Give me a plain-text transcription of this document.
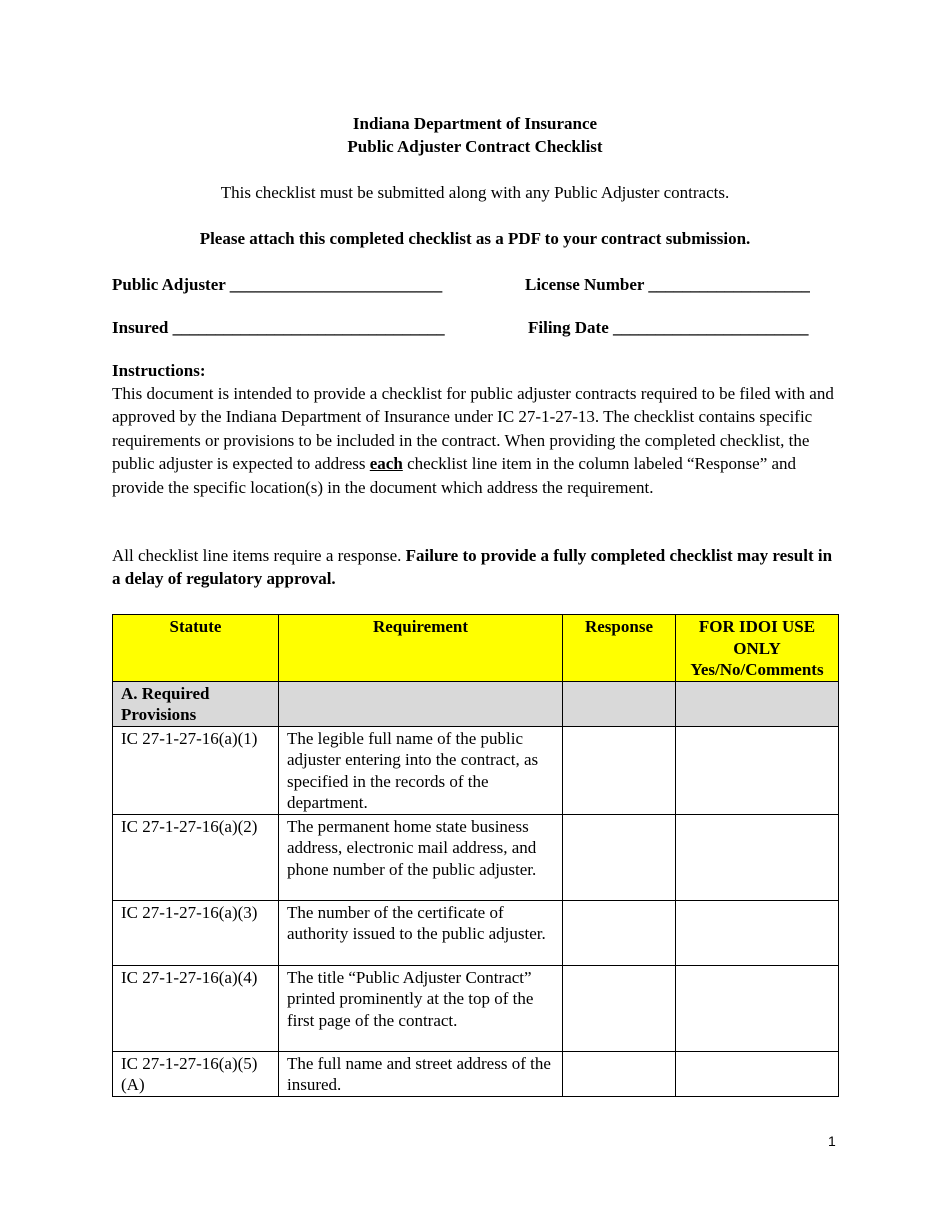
Indiana Department of Insurance
Public Adjuster Contract Checklist
This checklist must be submitted along with any Public Adjuster contracts.
Please attach this completed checklist as a PDF to your contract submission.
Public Adjuster _________________________	License Number ___________________
Insured ________________________________	Filing Date _______________________
Instructions:
This document is intended to provide a checklist for public adjuster contracts required to be filed with and approved by the Indiana Department of Insurance under IC 27-1-27-13. The checklist contains specific requirements or provisions to be included in the contract. When providing the completed checklist, the public adjuster is expected to address each checklist line item in the column labeled “Response” and provide the specific location(s) in the document which address the requirement.
All checklist line items require a response. Failure to provide a fully completed checklist may result in a delay of regulatory approval.
Statute	Requirement	Response	FOR IDOI USE ONLY Yes/No/Comments
A. Required Provisions			
IC 27-1-27-16(a)(1)	The legible full name of the public adjuster entering into the contract, as specified in the records of the department.		
IC 27-1-27-16(a)(2)	The permanent home state business address, electronic mail address, and phone number of the public adjuster.		
IC 27-1-27-16(a)(3)	The number of the certificate of authority issued to the public adjuster.		
IC 27-1-27-16(a)(4)	The title “Public Adjuster Contract” printed prominently at the top of the first page of the contract.		
IC 27-1-27-16(a)(5)(A)	The full name and street address of the insured.		
1
